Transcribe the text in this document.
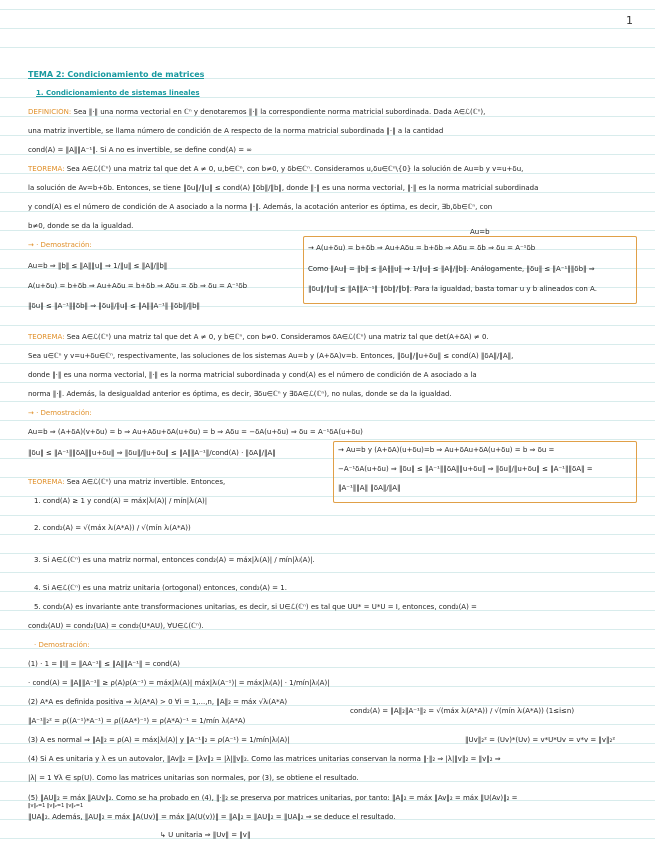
1
TEMA 2: Condicionamiento de matrices
1. Condicionamiento de sistemas lineales
DEFINICIÓN: Sea ‖·‖ una norma vectorial en ℂⁿ y denotaremos ‖·‖ la correspondiente norma matricial subordinada. Dada A∈ℒ(ℂⁿ),
una matriz invertible, se llama número de condición de A respecto de la norma matricial subordinada ‖·‖ a la cantidad
cond(A) = ‖A‖‖A⁻¹‖. Si A no es invertible, se define cond(A) = ∞
TEOREMA: Sea A∈ℒ(ℂⁿ) una matriz tal que det A ≠ 0, u,b∈ℂⁿ, con b≠0, y δb∈ℂⁿ. Consideramos u,δu∈ℂⁿ\{0} la solución de Au=b y v=u+δu,
la solución de Av=b+δb. Entonces, se tiene ‖δu‖/‖u‖ ≤ cond(A) ‖δb‖/‖b‖, donde ‖·‖ es una norma vectorial, ‖·‖ es la norma matricial subordinada
y cond(A) es el número de condición de A asociado a la norma ‖·‖. Además, la acotación anterior es óptima, es decir, ∃b,δb∈ℂⁿ, con
b≠0, donde se da la igualdad.
→ · Demostración:
Au=b ⇒ ‖b‖ ≤ ‖A‖‖u‖ ⇒ 1/‖u‖ ≤ ‖A‖/‖b‖
A(u+δu) = b+δb ⇒ Au+Aδu = b+δb ⇒ Aδu = δb ⇒ δu = A⁻¹δb
‖δu‖ ≤ ‖A⁻¹‖‖δb‖ ⇒ ‖δu‖/‖u‖ ≤ ‖A‖‖A⁻¹‖ ‖δb‖/‖b‖
Au=b
→ A(u+δu) = b+δb ⇒ Au+Aδu = b+δb ⇒ Aδu = δb ⇒ δu = A⁻¹δb
Como ‖Au‖ = ‖b‖ ≤ ‖A‖‖u‖ ⇒ 1/‖u‖ ≤ ‖A‖/‖b‖. Análogamente, ‖δu‖ ≤ ‖A⁻¹‖‖δb‖ ⇒
‖δu‖/‖u‖ ≤ ‖A‖‖A⁻¹‖ ‖δb‖/‖b‖. Para la igualdad, basta tomar u y b alineados con A.
TEOREMA: Sea A∈ℒ(ℂⁿ) una matriz tal que det A ≠ 0, y b∈ℂⁿ, con b≠0. Consideramos δA∈ℒ(ℂⁿ) una matriz tal que det(A+δA) ≠ 0.
Sea u∈ℂⁿ y v=u+δu∈ℂⁿ, respectivamente, las soluciones de los sistemas Au=b y (A+δA)v=b. Entonces, ‖δu‖/‖u+δu‖ ≤ cond(A) ‖δA‖/‖A‖,
donde ‖·‖ es una norma vectorial, ‖·‖ es la norma matricial subordinada y cond(A) es el número de condición de A asociado a la
norma ‖·‖. Además, la desigualdad anterior es óptima, es decir, ∃δu∈ℂⁿ y ∃δA∈ℒ(ℂⁿ), no nulas, donde se da la igualdad.
→ · Demostración:
Au=b ⇒ (A+δA)(v+δu) = b ⇒ Au+Aδu+δA(u+δu) = b ⇒ Aδu = −δA(u+δu) ⇒ δu = A⁻¹δA(u+δu)
‖δu‖ ≤ ‖A⁻¹‖‖δA‖‖u+δu‖ ⇒ ‖δu‖/‖u+δu‖ ≤ ‖A‖‖A⁻¹‖/cond(A) · ‖δA‖/‖A‖	→ Au=b y (A+δA)(u+δu)=b ⇒ Au+δAu+δA(u+δu) = b ⇒ δu =
−A⁻¹δA(u+δu) ⇒ ‖δu‖ ≤ ‖A⁻¹‖‖δA‖‖u+δu‖ ⇒ ‖δu‖/‖u+δu‖ ≤ ‖A⁻¹‖‖δA‖ =
‖A⁻¹‖‖A‖ ‖δA‖/‖A‖
TEOREMA: Sea A∈ℒ(ℂⁿ) una matriz invertible. Entonces,
1. cond(A) ≥ 1 y cond(A) = máx|λᵢ(A)| / mín|λᵢ(A)|
2. cond₂(A) = √(máx λᵢ(A*A)) / √(mín λᵢ(A*A))
3. Si A∈ℒ(ℂⁿ) es una matriz normal, entonces cond₂(A) = máx|λᵢ(A)| / mín|λᵢ(A)|.
4. Si A∈ℒ(ℂⁿ) es una matriz unitaria (ortogonal) entonces, cond₂(A) = 1.
5. cond₂(A) es invariante ante transformaciones unitarias, es decir, si U∈ℒ(ℂⁿ) es tal que UU* = U*U = I, entonces, cond₂(A) =
cond₂(AU) = cond₂(UA) = cond₂(U*AU), ∀U∈ℒ(ℂⁿ).
· Demostración:
(1) · 1 = ‖I‖ = ‖AA⁻¹‖ ≤ ‖A‖‖A⁻¹‖ = cond(A)
· cond(A) = ‖A‖‖A⁻¹‖ ≥ ρ(A)ρ(A⁻¹) = máx|λᵢ(A)| máx|λᵢ(A⁻¹)| = máx|λᵢ(A)| · 1/mín|λᵢ(A)|
(2) A*A es definida positiva ⇒ λᵢ(A*A) > 0 ∀i = 1,...,n, ‖A‖₂ = máx √λᵢ(A*A)
‖A⁻¹‖₂² = ρ((A⁻¹)*A⁻¹) = ρ((AA*)⁻¹) = ρ(A*A)⁻¹ = 1/mín λᵢ(A*A)
cond₂(A) = ‖A‖₂‖A⁻¹‖₂ = √(máx λᵢ(A*A)) / √(mín λᵢ(A*A)) (1≤i≤n)
(3) A es normal ⇒ ‖A‖₂ = ρ(A) = máx|λᵢ(A)| y ‖A⁻¹‖₂ = ρ(A⁻¹) = 1/mín|λᵢ(A)|	‖Uv‖₂² = (Uv)*(Uv) = v*U*Uv = v*v = ‖v‖₂²
(4) Si A es unitaria y λ es un autovalor, ‖Av‖₂ = ‖λv‖₂ = |λ|‖v‖₂. Como las matrices unitarias conservan la norma ‖·‖₂ ⇒ |λ|‖v‖₂ = ‖v‖₂ ⇒
|λ| = 1 ∀λ ∈ sp(U). Como las matrices unitarias son normales, por (3), se obtiene el resultado.
(5) ‖AU‖₂ = máx ‖AUv‖₂. Como se ha probado en (4), ‖·‖₂ se preserva por matrices unitarias, por tanto: ‖A‖₂ = máx ‖Av‖₂ = máx ‖U(Av)‖₂ =
‖v‖₂=1 ‖v‖₂=1 ‖v‖₂=1
‖UA‖₂. Además, ‖AU‖₂ = máx ‖A(Uv)‖ = máx ‖A(U(v))‖ = ‖A‖₂ = ‖AU‖₂ = ‖UA‖₂ ⇒ se deduce el resultado.
↳ U unitaria ⇒ ‖Uv‖ = ‖v‖
